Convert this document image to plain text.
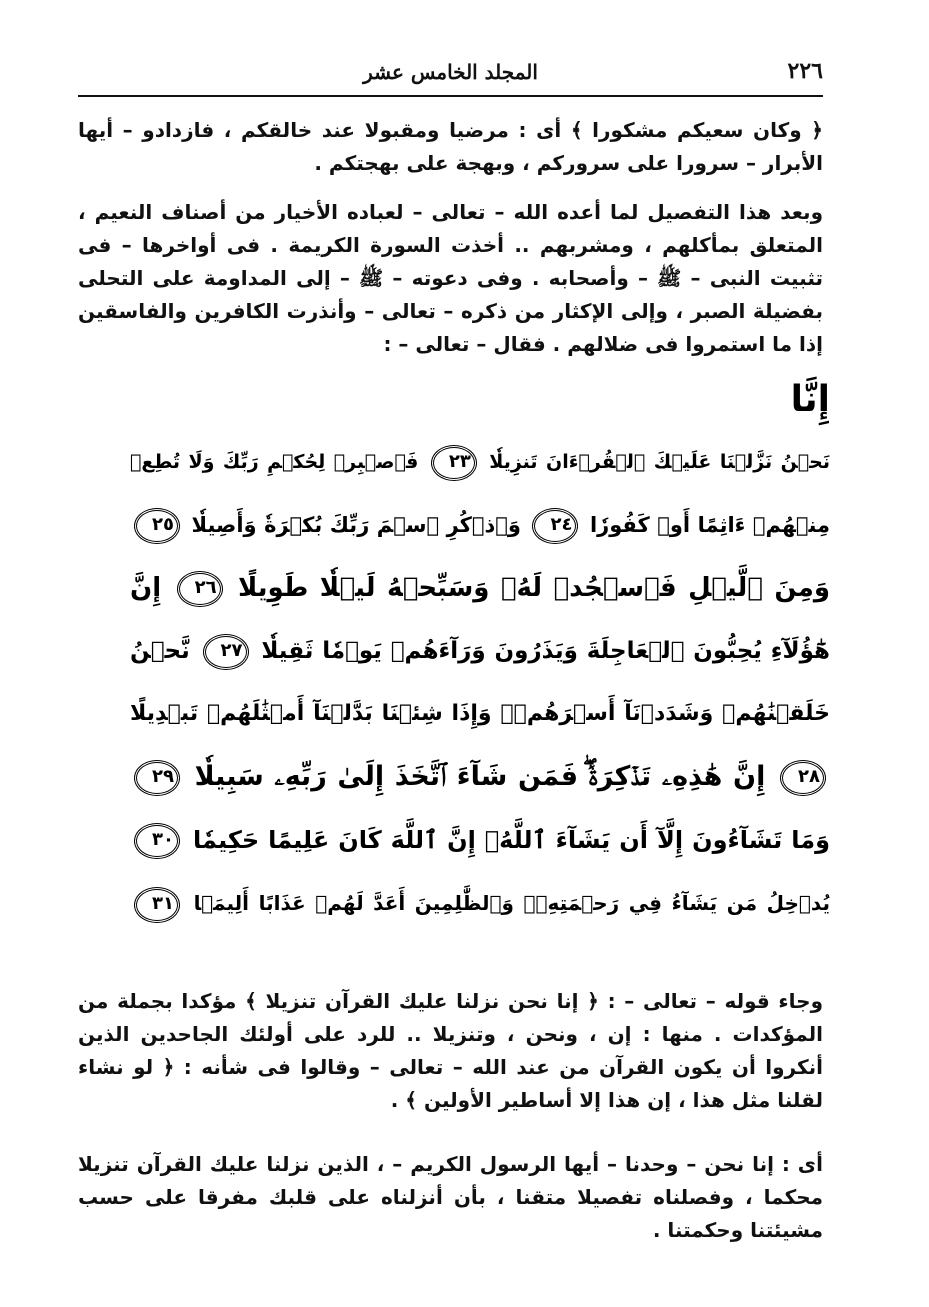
٢٢٦
المجلد الخامس عشر

﴿ وكان سعيكم مشكورا ﴾ أى : مرضيا ومقبولا عند خالقكم ، فازدادو – أيها الأبرار – سرورا على سروركم ، وبهجة على بهجتكم .

وبعد هذا التفصيل لما أعده الله – تعالى – لعباده الأخيار من أصناف النعيم ، المتعلق بمأكلهم ، ومشربهم .. أخذت السورة الكريمة . فى أواخرها – فى تثبيت النبى – ﷺ – وأصحابه . وفى دعوته – ﷺ – إلى المداومة على التحلى بفضيلة الصبر ، وإلى الإكثار من ذكره – تعالى – وأنذرت الكافرين والفاسقين إذا ما استمروا فى ضلالهم . فقال – تعالى – :

إِنَّا
نَحۡنُ نَزَّلۡنَا عَلَيۡكَ ٱلۡقُرۡءَانَ تَنزِيلٗا ٢٣ فَٱصۡبِرۡ لِحُكۡمِ رَبِّكَ وَلَا تُطِعۡ
مِنۡهُمۡ ءَاثِمًا أَوۡ كَفُورٗا ٢٤ وَٱذۡكُرِ ٱسۡمَ رَبِّكَ بُكۡرَةٗ وَأَصِيلٗا ٢٥
وَمِنَ ٱلَّيۡلِ فَٱسۡجُدۡ لَهُۥ وَسَبِّحۡهُ لَيۡلٗا طَوِيلًا ٢٦ إِنَّ
هَٰٓؤُلَآءِ يُحِبُّونَ ٱلۡعَاجِلَةَ وَيَذَرُونَ وَرَآءَهُمۡ يَوۡمٗا ثَقِيلٗا ٢٧ نَّحۡنُ
خَلَقۡنَٰهُمۡ وَشَدَدۡنَآ أَسۡرَهُمۡۖ وَإِذَا شِئۡنَا بَدَّلۡنَآ أَمۡثَٰلَهُمۡ تَبۡدِيلًا
٢٨ إِنَّ هَٰذِهِۦ تَذۡكِرَةٞۖ فَمَن شَآءَ ٱتَّخَذَ إِلَىٰ رَبِّهِۦ سَبِيلٗا ٢٩
وَمَا تَشَآءُونَ إِلَّآ أَن يَشَآءَ ٱللَّهُۚ إِنَّ ٱللَّهَ كَانَ عَلِيمًا حَكِيمٗا ٣٠
يُدۡخِلُ مَن يَشَآءُ فِي رَحۡمَتِهِۦۚ وَٱلظَّٰلِمِينَ أَعَدَّ لَهُمۡ عَذَابًا أَلِيمَۢا ٣١

وجاء قوله – تعالى – : ﴿ إنا نحن نزلنا عليك القرآن تنزيلا ﴾ مؤكدا بجملة من المؤكدات . منها : إن ، ونحن ، وتنزيلا .. للرد على أولئك الجاحدين الذين أنكروا أن يكون القرآن من عند الله – تعالى – وقالوا فى شأنه : ﴿ لو نشاء لقلنا مثل هذا ، إن هذا إلا أساطير الأولين ﴾ .

أى : إنا نحن – وحدنا – أيها الرسول الكريم – ، الذين نزلنا عليك القرآن تنزيلا محكما ، وفصلناه تفصيلا متقنا ، بأن أنزلناه على قلبك مفرقا على حسب مشيئتنا وحكمتنا .
